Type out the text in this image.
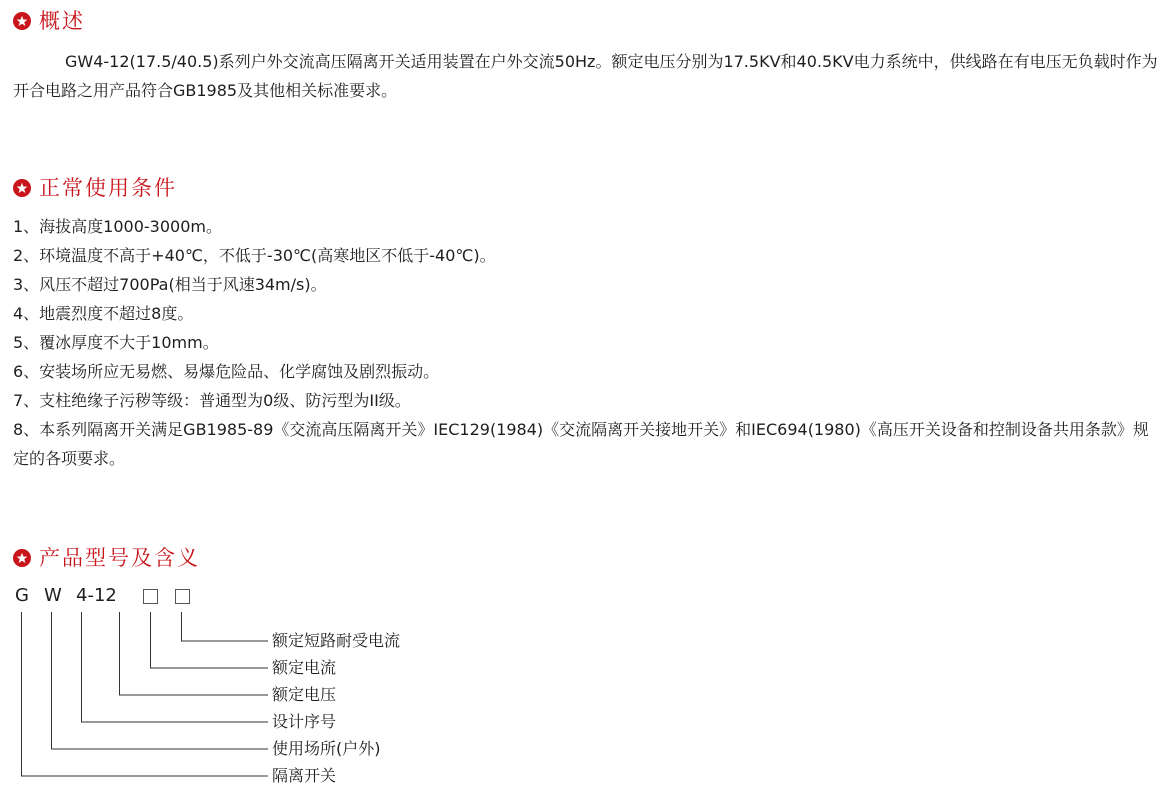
概述

GW4-12(17.5/40.5)系列户外交流高压隔离开关适用装置在户外交流50Hz。额定电压分别为17.5KV和40.5KV电力系统中，供线路在有电压无负载时作为开合电路之用产品符合GB1985及其他相关标准要求。

正常使用条件
1、海拔高度1000-3000m。
2、环境温度不高于+40℃，不低于-30℃(高寒地区不低于-40℃)。
3、风压不超过700Pa(相当于风速34m/s)。
4、地震烈度不超过8度。
5、覆冰厚度不大于10mm。
6、安装场所应无易燃、易爆危险品、化学腐蚀及剧烈振动。
7、支柱绝缘子污秽等级：普通型为0级、防污型为II级。
8、本系列隔离开关满足GB1985-89《交流高压隔离开关》IEC129(1984)《交流隔离开关接地开关》和IEC694(1980)《高压开关设备和控制设备共用条款》规定的各项要求。
产品型号及含义
G W 4-12
额定短路耐受电流
额定电流
额定电压
设计序号
使用场所(户外)
隔离开关
